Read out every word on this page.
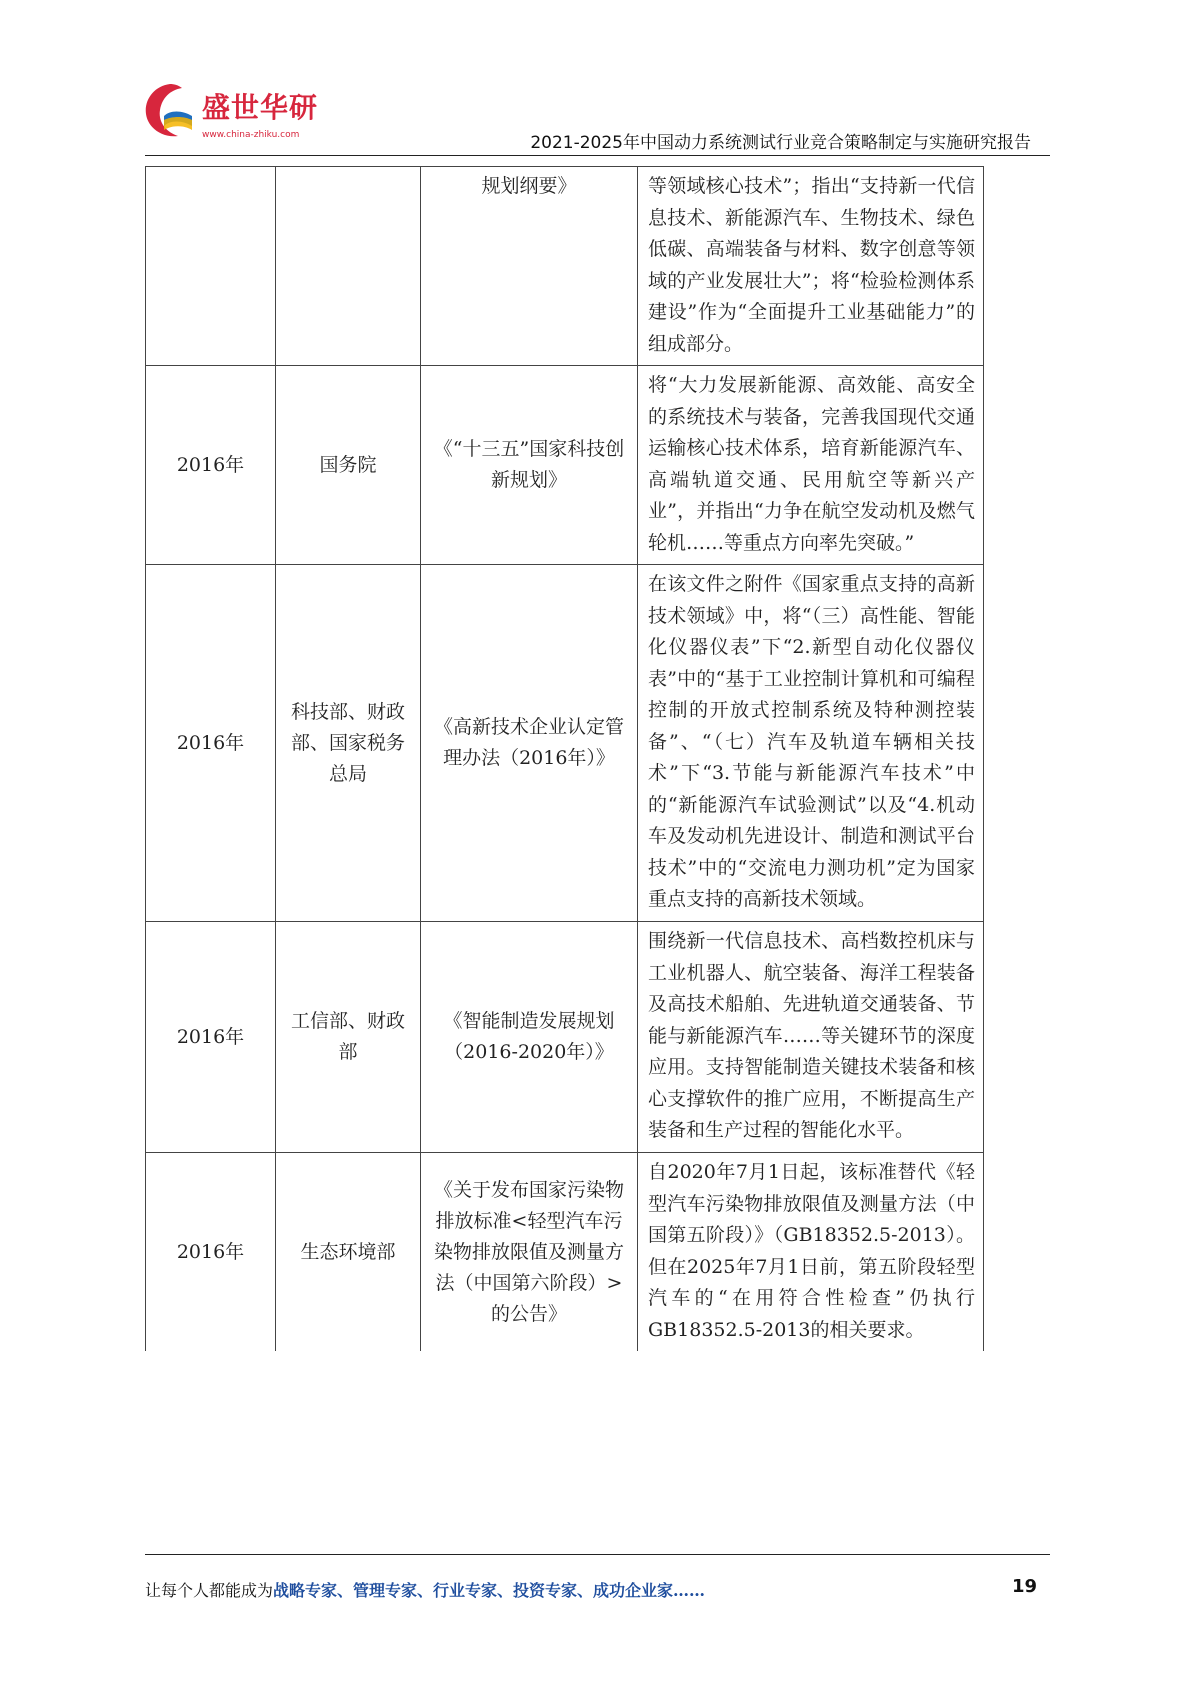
盛世华研
www.china-zhiku.com	2021-2025年中国动力系统测试行业竞合策略制定与实施研究报告
		规划纲要》	等领域核心技术”；指出“支持新一代信息技术、新能源汽车、生物技术、绿色低碳、高端装备与材料、数字创意等领域的产业发展壮大”；将“检验检测体系建设”作为“全面提升工业基础能力”的组成部分。
2016年	国务院	《“十三五”国家科技创新规划》	将“大力发展新能源、高效能、高安全的系统技术与装备，完善我国现代交通运输核心技术体系，培育新能源汽车、高端轨道交通、民用航空等新兴产业”，并指出“力争在航空发动机及燃气轮机……等重点方向率先突破。”
2016年	科技部、财政部、国家税务总局	《高新技术企业认定管理办法（2016年）》	在该文件之附件《国家重点支持的高新技术领域》中，将“（三）高性能、智能化仪器仪表”下“2.新型自动化仪器仪表”中的“基于工业控制计算机和可编程控制的开放式控制系统及特种测控装备”、“（七）汽车及轨道车辆相关技术”下“3.节能与新能源汽车技术”中的“新能源汽车试验测试”以及“4.机动车及发动机先进设计、制造和测试平台技术”中的“交流电力测功机”定为国家重点支持的高新技术领域。
2016年	工信部、财政部	《智能制造发展规划（2016-2020年）》	围绕新一代信息技术、高档数控机床与工业机器人、航空装备、海洋工程装备及高技术船舶、先进轨道交通装备、节能与新能源汽车……等关键环节的深度应用。支持智能制造关键技术装备和核心支撑软件的推广应用，不断提高生产装备和生产过程的智能化水平。
2016年	生态环境部	《关于发布国家污染物排放标准<轻型汽车污染物排放限值及测量方法（中国第六阶段）>的公告》	自2020年7月1日起，该标准替代《轻型汽车污染物排放限值及测量方法（中国第五阶段）》（GB18352.5-2013）。但在2025年7月1日前，第五阶段轻型汽车的“在用符合性检查”仍执行GB18352.5-2013的相关要求。
让每个人都能成为战略专家、管理专家、行业专家、投资专家、成功企业家……	19
